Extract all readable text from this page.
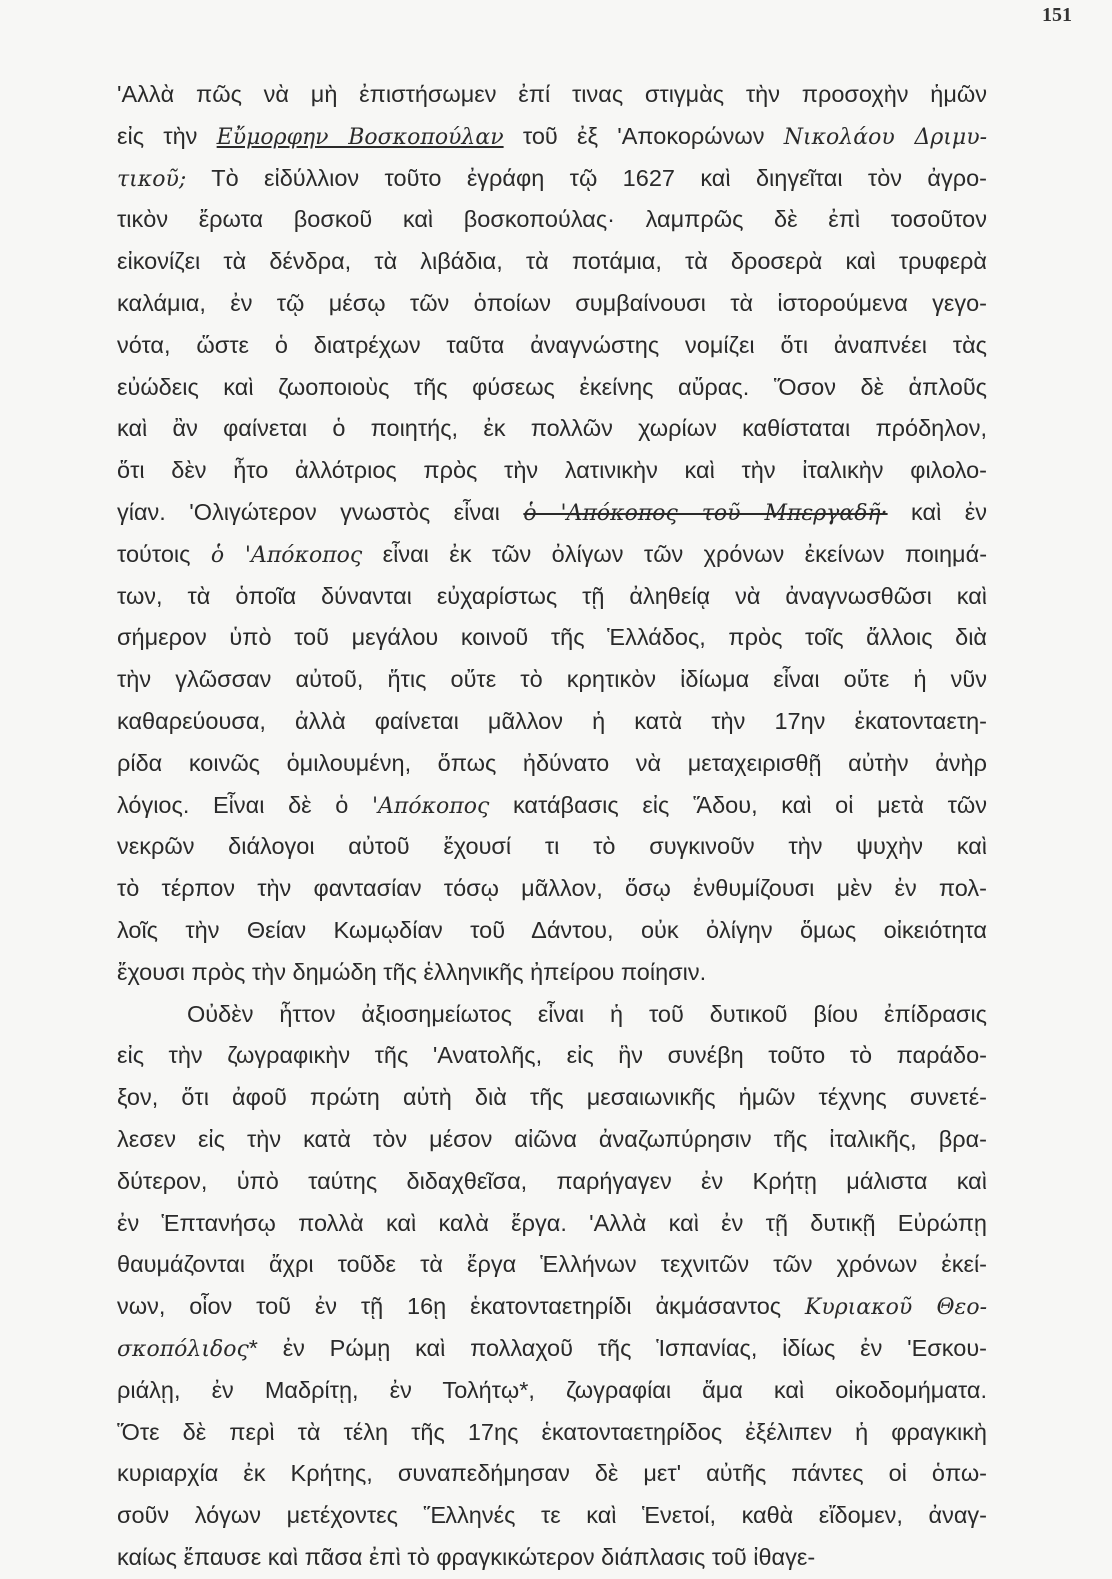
151
'Αλλὰ πῶς νὰ μὴ ἐπιστήσωμεν ἐπί τινας στιγμὰς τὴν προσοχὴν ἡμῶν
εἰς τὴν Εὔμορφην Βοσκοπούλαν τοῦ ἐξ 'Αποκορώνων Νικολάου Δριμυ-
τικοῦ; Τὸ εἰδύλλιον τοῦτο ἐγράφη τῷ 1627 καὶ διηγεῖται τὸν ἀγρο-
τικὸν ἔρωτα βοσκοῦ καὶ βοσκοπούλας· λαμπρῶς δὲ ἐπὶ τοσοῦτον
εἰκονίζει τὰ δένδρα, τὰ λιβάδια, τὰ ποτάμια, τὰ δροσερὰ καὶ τρυφερὰ
καλάμια, ἐν τῷ μέσῳ τῶν ὁποίων συμβαίνουσι τὰ ἱστορούμενα γεγο-
νότα, ὥστε ὁ διατρέχων ταῦτα ἀναγνώστης νομίζει ὅτι ἀναπνέει τὰς
εὐώδεις καὶ ζωοποιοὺς τῆς φύσεως ἐκείνης αὔρας. Ὅσον δὲ ἁπλοῦς
καὶ ἂν φαίνεται ὁ ποιητής, ἐκ πολλῶν χωρίων καθίσταται πρόδηλον,
ὅτι δὲν ἦτο ἀλλότριος πρὸς τὴν λατινικὴν καὶ τὴν ἰταλικὴν φιλολο-
γίαν. 'Ολιγώτερον γνωστὸς εἶναι ὁ 'Απόκοπος τοῦ Μπεργαδῆ· καὶ ἐν
τούτοις ὁ 'Απόκοπος εἶναι ἐκ τῶν ὀλίγων τῶν χρόνων ἐκείνων ποιημά-
των, τὰ ὁποῖα δύνανται εὐχαρίστως τῇ ἀληθείᾳ νὰ ἀναγνωσθῶσι καὶ
σήμερον ὑπὸ τοῦ μεγάλου κοινοῦ τῆς Ἑλλάδος, πρὸς τοῖς ἄλλοις διὰ
τὴν γλῶσσαν αὐτοῦ, ἥτις οὔτε τὸ κρητικὸν ἰδίωμα εἶναι οὔτε ἡ νῦν
καθαρεύουσα, ἀλλὰ φαίνεται μᾶλλον ἡ κατὰ τὴν 17ην ἑκατονταετη-
ρίδα κοινῶς ὁμιλουμένη, ὅπως ἠδύνατο νὰ μεταχειρισθῇ αὐτὴν ἀνὴρ
λόγιος. Εἶναι δὲ ὁ 'Απόκοπος κατάβασις εἰς Ἅδου, καὶ οἱ μετὰ τῶν
νεκρῶν διάλογοι αὐτοῦ ἔχουσί τι τὸ συγκινοῦν τὴν ψυχὴν καὶ
τὸ τέρπον τὴν φαντασίαν τόσῳ μᾶλλον, ὅσῳ ἐνθυμίζουσι μὲν ἐν πολ-
λοῖς τὴν Θείαν Κωμῳδίαν τοῦ Δάντου, οὐκ ὀλίγην ὅμως οἰκειότητα
ἔχουσι πρὸς τὴν δημώδη τῆς ἑλληνικῆς ἠπείρου ποίησιν.
Οὐδὲν ἧττον ἀξιοσημείωτος εἶναι ἡ τοῦ δυτικοῦ βίου ἐπίδρασις
εἰς τὴν ζωγραφικὴν τῆς 'Ανατολῆς, εἰς ἣν συνέβη τοῦτο τὸ παράδο-
ξον, ὅτι ἀφοῦ πρώτη αὐτὴ διὰ τῆς μεσαιωνικῆς ἡμῶν τέχνης συνετέ-
λεσεν εἰς τὴν κατὰ τὸν μέσον αἰῶνα ἀναζωπύρησιν τῆς ἰταλικῆς, βρα-
δύτερον, ὑπὸ ταύτης διδαχθεῖσα, παρήγαγεν ἐν Κρήτῃ μάλιστα καὶ
ἐν Ἑπτανήσῳ πολλὰ καὶ καλὰ ἔργα. 'Αλλὰ καὶ ἐν τῇ δυτικῇ Εὐρώπῃ
θαυμάζονται ἄχρι τοῦδε τὰ ἔργα Ἑλλήνων τεχνιτῶν τῶν χρόνων ἐκεί-
νων, οἷον τοῦ ἐν τῇ 16ῃ ἑκατονταετηρίδι ἀκμάσαντος Κυριακοῦ Θεο-
σκοπόλιδος* ἐν Ρώμῃ καὶ πολλαχοῦ τῆς Ἱσπανίας, ἰδίως ἐν 'Εσκου-
ριάλῃ, ἐν Μαδρίτῃ, ἐν Τολήτῳ*, ζωγραφίαι ἅμα καὶ οἰκοδομήματα.
Ὅτε δὲ περὶ τὰ τέλη τῆς 17ης ἑκατονταετηρίδος ἐξέλιπεν ἡ φραγκικὴ
κυριαρχία ἐκ Κρήτης, συναπεδήμησαν δὲ μετ' αὐτῆς πάντες οἱ ὁπω-
σοῦν λόγων μετέχοντες Ἕλληνές τε καὶ Ἑνετοί, καθὰ εἴδομεν, ἀναγ-
καίως ἔπαυσε καὶ πᾶσα ἐπὶ τὸ φραγκικώτερον διάπλασις τοῦ ἰθαγε-
